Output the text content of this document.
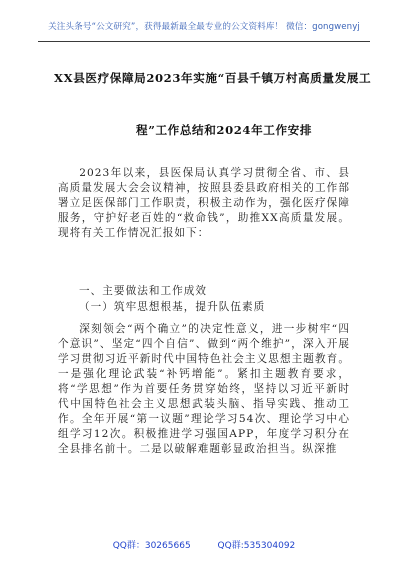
关注头条号“公文研究”，获得最新最全最专业的公文资料库！ 微信：gongwenyj
XX县医疗保障局2023年实施“百县千镇万村高质量发展工
程”工作总结和2024年工作安排
2023年以来，县医保局认真学习贯彻全省、市、县高质量发展大会会议精神，按照县委县政府相关的工作部署立足医保部门工作职责，积极主动作为，强化医疗保障服务，守护好老百姓的“救命钱”，助推XX高质量发展。现将有关工作情况汇报如下：
一、主要做法和工作成效
（一）筑牢思想根基，提升队伍素质
深刻领会“两个确立”的决定性意义，进一步树牢“四个意识”、坚定“四个自信”、做到“两个维护”，深入开展学习贯彻习近平新时代中国特色社会主义思想主题教育。一是强化理论武装“补钙增能”。紧扣主题教育要求，将“学思想”作为首要任务贯穿始终，坚持以习近平新时代中国特色社会主义思想武装头脑、指导实践、推动工作。全年开展“第一议题”理论学习54次、理论学习中心组学习12次。积极推进学习强国APP，年度学习积分在全县排名前十。二是以破解难题彰显政治担当。纵深推
QQ群：30265665	QQ群:535304092
